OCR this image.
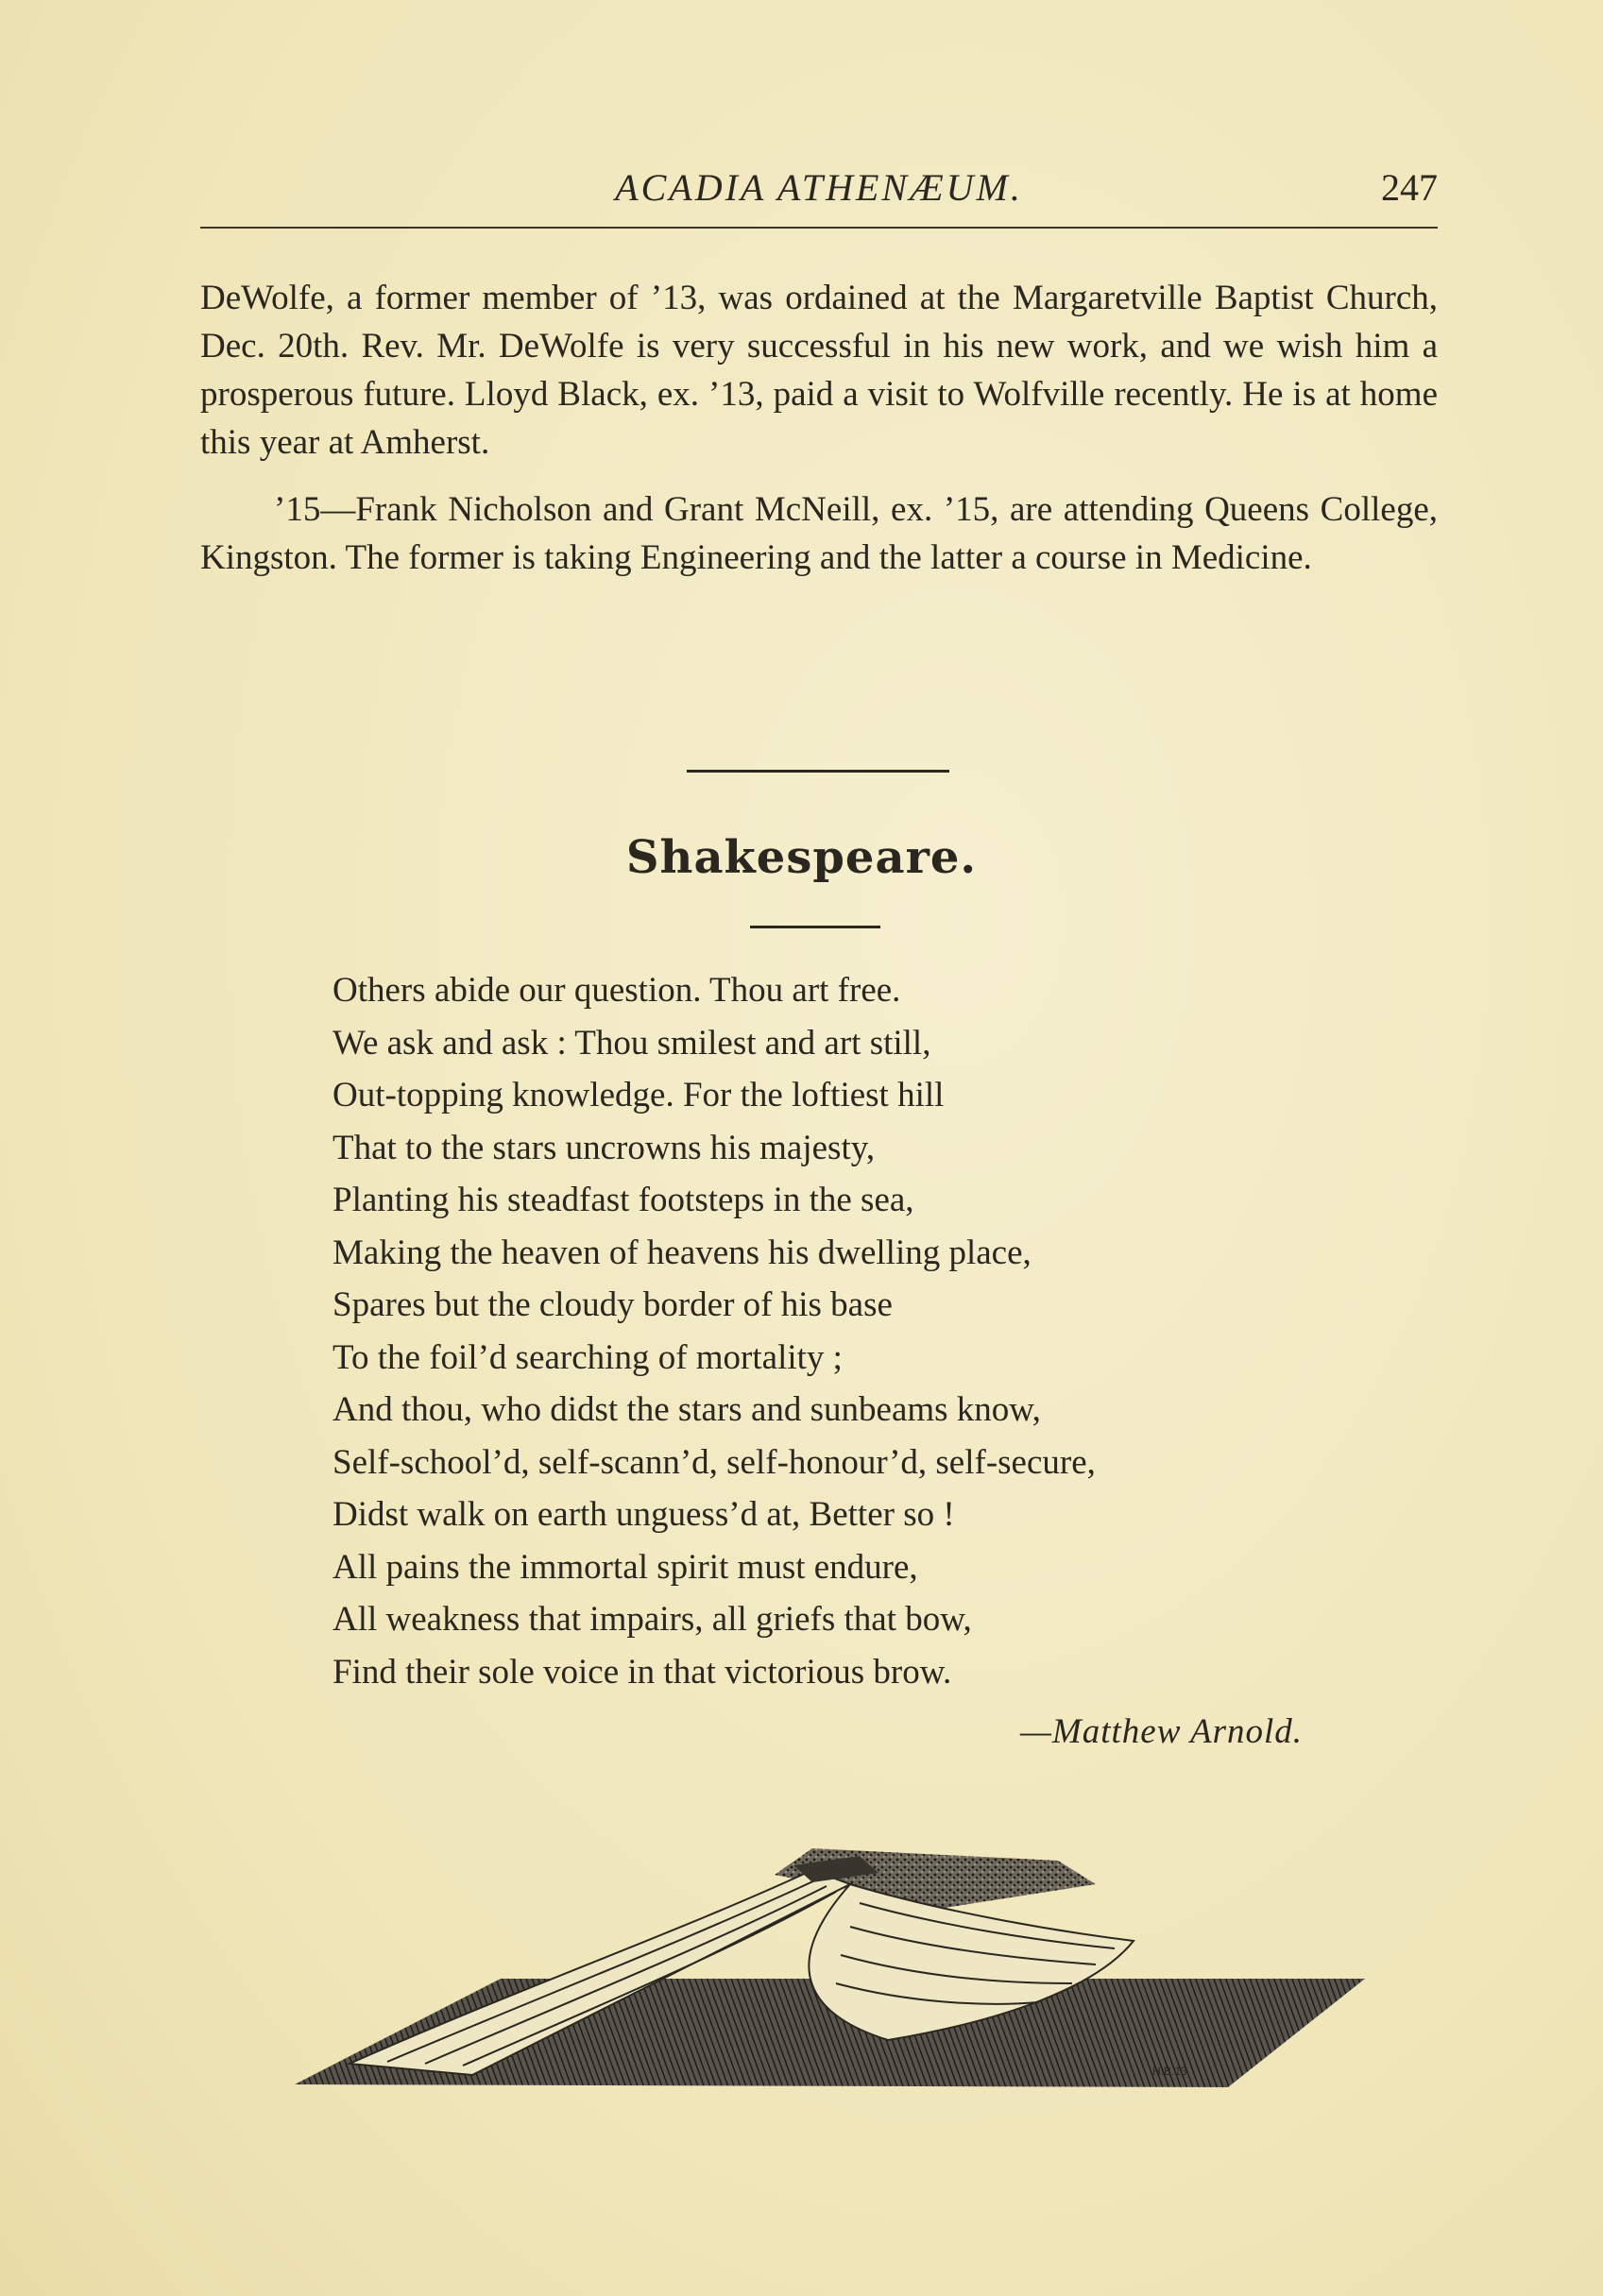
ACADIA ATHENÆUM.	247

DeWolfe, a former member of ’13, was ordained at the Margaretville Baptist Church, Dec. 20th. Rev. Mr. DeWolfe is very successful in his new work, and we wish him a prosperous future. Lloyd Black, ex. ’13, paid a visit to Wolfville recently. He is at home this year at Amherst.

’15—Frank Nicholson and Grant McNeill, ex. ’15, are attending Queens College, Kingston. The former is taking Engineering and the latter a course in Medicine.

Shakespeare.
Others abide our question. Thou art free.
We ask and ask : Thou smilest and art still,
Out-topping knowledge. For the loftiest hill
That to the stars uncrowns his majesty,
Planting his steadfast footsteps in the sea,
Making the heaven of heavens his dwelling place,
Spares but the cloudy border of his base
To the foil’d searching of mortality ;
And thou, who didst the stars and sunbeams know,
Self-school’d, self-scann’d, self-honour’d, self-secure,
Didst walk on earth unguess’d at, Better so !
All pains the immortal spirit must endure,
All weakness that impairs, all griefs that bow,
Find their sole voice in that victorious brow.
—Matthew Arnold.
H.B.13.
